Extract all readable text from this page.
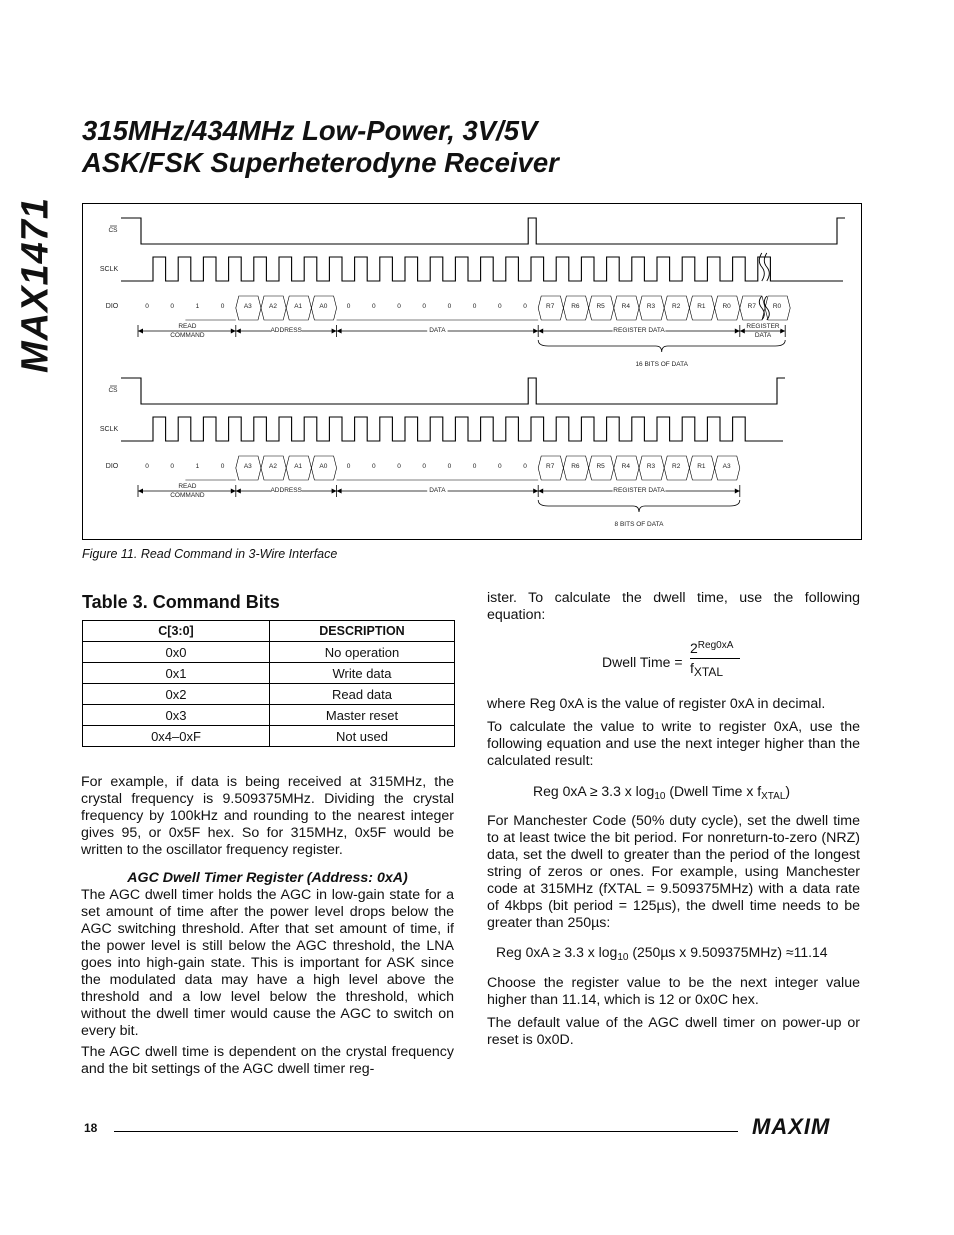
MAX1471
315MHz/434MHz Low-Power, 3V/5V
ASK/FSK Superheterodyne Receiver
CS
SCLK
DIO	0	0	1	0	A3	A2	A1	A0	0	0	0	0	0	0	0	0	R7	R6	R5	R4	R3	R2	R1	R0	R7	R0
READ
COMMAND
ADDRESS	DATA	REGISTER DATA
REGISTER
DATA
16 BITS OF DATA
CS
SCLK
DIO	0	0	1	0	A3	A2	A1	A0	0	0	0	0	0	0	0	0	R7	R6	R5	R4	R3	R2	R1	A3
READ
COMMAND
ADDRESS	DATA	REGISTER DATA
8 BITS OF DATA
Figure 11. Read Command in 3-Wire Interface
Table 3. Command Bits
C[3:0]	DESCRIPTION
0x0	No operation
0x1	Write data
0x2	Read data
0x3	Master reset
0x4–0xF	Not used

For example, if data is being received at 315MHz, the crystal frequency is 9.509375MHz. Dividing the crystal frequency by 100kHz and rounding to the nearest integer gives 95, or 0x5F hex. So for 315MHz, 0x5F would be written to the oscillator frequency register.

AGC Dwell Timer Register (Address: 0xA)

The AGC dwell timer holds the AGC in low-gain state for a set amount of time after the power level drops below the AGC switching threshold. After that set amount of time, if the power level is still below the AGC threshold, the LNA goes into high-gain state. This is important for ASK since the modulated data may have a high level above the threshold and a low level below the threshold, which without the dwell timer would cause the AGC to switch on every bit.

The AGC dwell time is dependent on the crystal frequency and the bit settings of the AGC dwell timer reg-

ister. To calculate the dwell time, use the following equation:

Dwell Time =
$2^{Reg0xA}$
fXTAL

where Reg 0xA is the value of register 0xA in decimal.

To calculate the value to write to register 0xA, use the following equation and use the next integer higher than the calculated result:

Reg 0xA ≥ 3.3 x $\log_{10}$ (Dwell Time x $f_{XTAL}$)

For Manchester Code (50% duty cycle), set the dwell time to at least twice the bit period. For nonreturn-to-zero (NRZ) data, set the dwell to greater than the period of the longest string of zeros or ones. For example, using Manchester code at 315MHz (fXTAL = 9.509375MHz) with a data rate of 4kbps (bit period = 125µs), the dwell time needs to be greater than 250µs:

Reg 0xA ≥ 3.3 x $\log_{10} (250\mu s$ x 9.509375MHz) ≈11.14

Choose the register value to be the next integer value higher than 11.14, which is 12 or 0x0C hex.

The default value of the AGC dwell timer on power-up or reset is 0x0D.

18	MAXIM
